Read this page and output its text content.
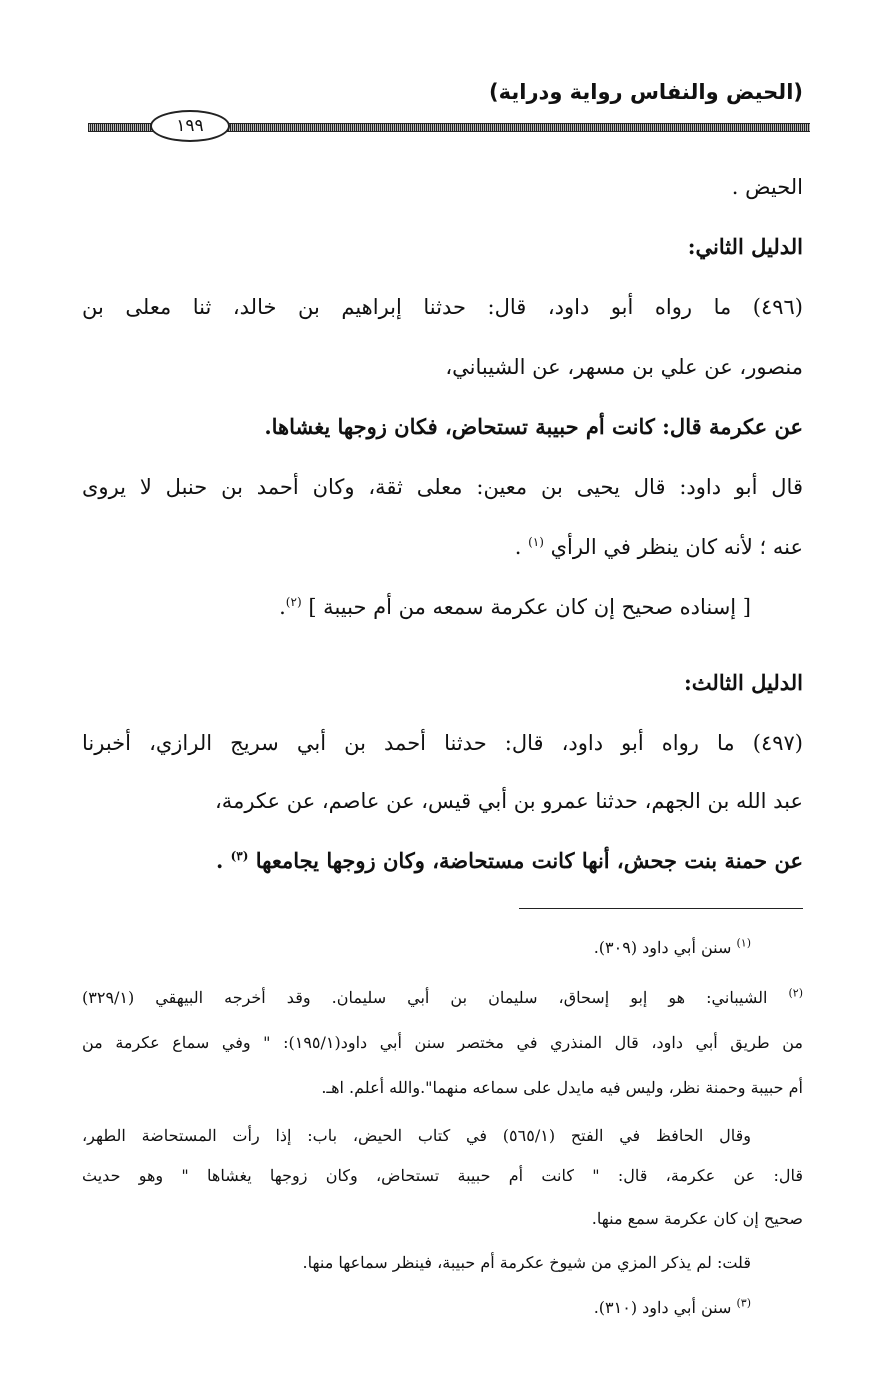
(الحيض والنفاس رواية ودراية)
١٩٩
الحيض .
الدليل الثاني:
(٤٩٦) ما رواه أبو داود، قال: حدثنا إبراهيم بن خالد، ثنا معلى بن
منصور، عن علي بن مسهر، عن الشيباني،
عن عكرمة قال: كانت أم حبيبة تستحاض، فكان زوجها يغشاها.
قال أبو داود: قال يحيى بن معين: معلى ثقة، وكان أحمد بن حنبل لا يروى
عنه ؛ لأنه كان ينظر في الرأي $^{(١)}$ .
[ إسناده صحيح إن كان عكرمة سمعه من أم حبيبة ] $^{(٢)}$.
الدليل الثالث:
(٤٩٧) ما رواه أبو داود، قال: حدثنا أحمد بن أبي سريج الرازي، أخبرنا
عبد الله بن الجهم، حدثنا عمرو بن أبي قيس، عن عاصم، عن عكرمة،
عن حمنة بنت جحش، أنها كانت مستحاضة، وكان زوجها يجامعها $^{(٣)}$ .
$^{(١)}$ سنن أبي داود (٣٠٩).
$^{(٢)}$ الشيباني: هو إبو إسحاق، سليمان بن أبي سليمان. وقد أخرجه البيهقي (٣٢٩/١)
من طريق أبي داود، قال المنذري في مختصر سنن أبي داود(١٩٥/١): " وفي سماع عكرمة من
أم حبيبة وحمنة نظر، وليس فيه مايدل على سماعه منهما".والله أعلم. اهـ.
وقال الحافظ في الفتح (٥٦٥/١) في كتاب الحيض، باب: إذا رأت المستحاضة الطهر،
قال: عن عكرمة، قال: " كانت أم حبيبة تستحاض، وكان زوجها يغشاها " وهو حديث
صحيح إن كان عكرمة سمع منها.
قلت: لم يذكر المزي من شيوخ عكرمة أم حبيبة، فينظر سماعها منها.
$^{(٣)}$ سنن أبي داود (٣١٠).
